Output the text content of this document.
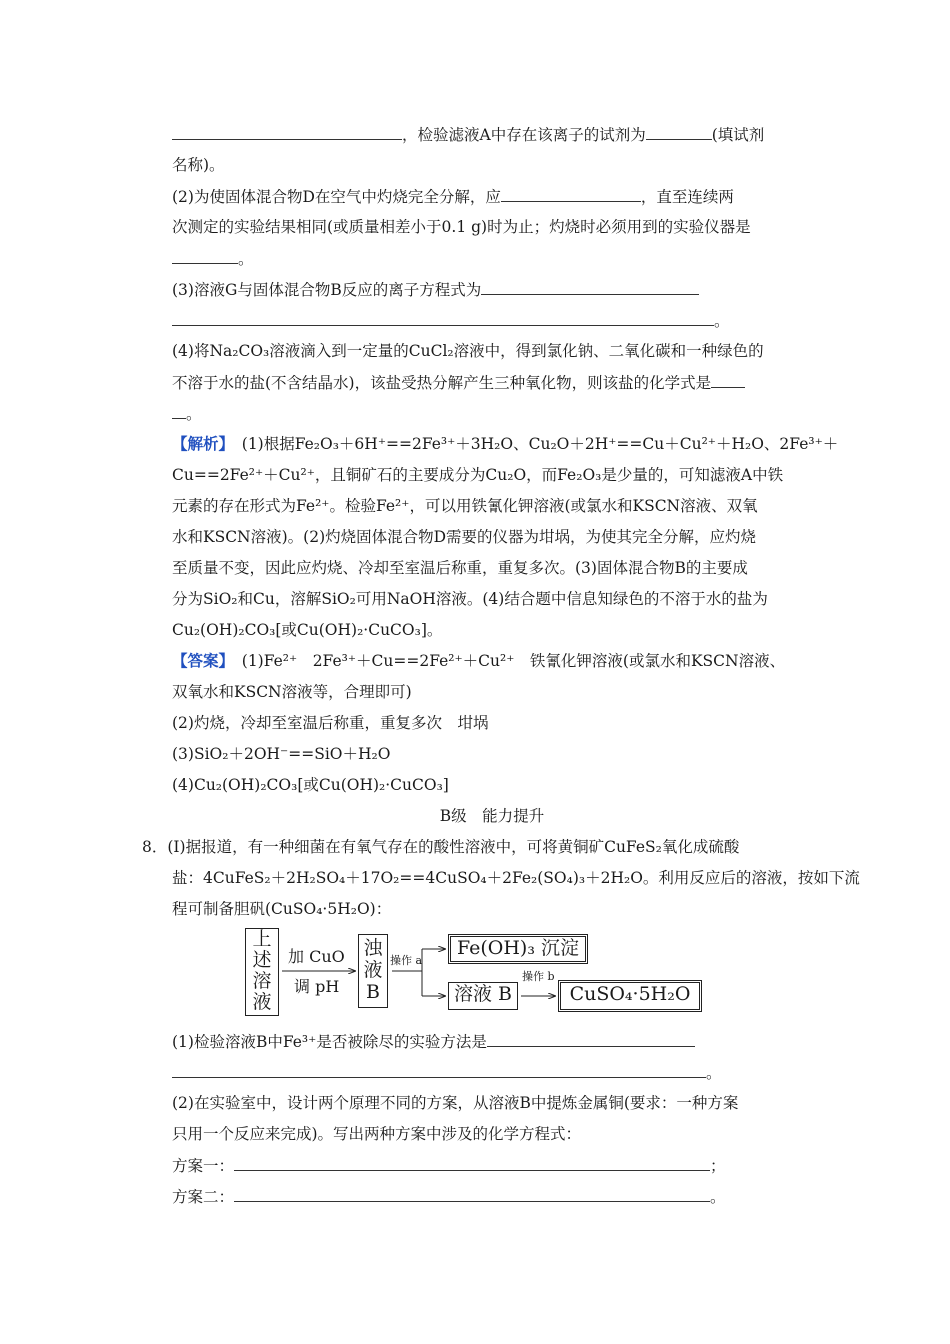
，检验滤液A中存在该离子的试剂为	(填试剂
名称)。
(2)为使固体混合物D在空气中灼烧完全分解，应	，直至连续两
次测定的实验结果相同(或质量相差小于0.1 g)时为止；灼烧时必须用到的实验仪器是
。
(3)溶液G与固体混合物B反应的离子方程式为
。
(4)将Na₂CO₃溶液滴入到一定量的CuCl₂溶液中，得到氯化钠、二氧化碳和一种绿色的
不溶于水的盐(不含结晶水)，该盐受热分解产生三种氧化物，则该盐的化学式是
。
【解析】　(1)根据Fe₂O₃＋6H⁺==2Fe³⁺＋3H₂O、Cu₂O＋2H⁺==Cu＋Cu²⁺＋H₂O、2Fe³⁺＋
Cu==2Fe²⁺＋Cu²⁺，且铜矿石的主要成分为Cu₂O，而Fe₂O₃是少量的，可知滤液A中铁
元素的存在形式为Fe²⁺。检验Fe²⁺，可以用铁氰化钾溶液(或氯水和KSCN溶液、双氧
水和KSCN溶液)。(2)灼烧固体混合物D需要的仪器为坩埚，为使其完全分解，应灼烧
至质量不变，因此应灼烧、冷却至室温后称重，重复多次。(3)固体混合物B的主要成
分为SiO₂和Cu，溶解SiO₂可用NaOH溶液。(4)结合题中信息知绿色的不溶于水的盐为
Cu₂(OH)₂CO₃[或Cu(OH)₂·CuCO₃]。
【答案】　(1)Fe²⁺　2Fe³⁺＋Cu==2Fe²⁺＋Cu²⁺　铁氰化钾溶液(或氯水和KSCN溶液、
双氧水和KSCN溶液等，合理即可)
(2)灼烧，冷却至室温后称重，重复多次　坩埚
(3)SiO₂＋2OH⁻==SiO＋H₂O
(4)Cu₂(OH)₂CO₃[或Cu(OH)₂·CuCO₃]
B级　能力提升
8．(Ⅰ)据报道，有一种细菌在有氧气存在的酸性溶液中，可将黄铜矿CuFeS₂氧化成硫酸
盐：4CuFeS₂＋2H₂SO₄＋17O₂==4CuSO₄＋2Fe₂(SO₄)₃＋2H₂O。利用反应后的溶液，按如下流
程可制备胆矾(CuSO₄·5H₂O)：
(1)检验溶液B中Fe³⁺是否被除尽的实验方法是
。
(2)在实验室中，设计两个原理不同的方案，从溶液B中提炼金属铜(要求：一种方案
只用一个反应来完成)。写出两种方案中涉及的化学方程式：
方案一：	；
方案二：	。
上述溶液
加 CuO
调 pH
浊液B
操作 a
操作 b
Fe(OH)₃ 沉淀
溶液 B	CuSO₄·5H₂O
